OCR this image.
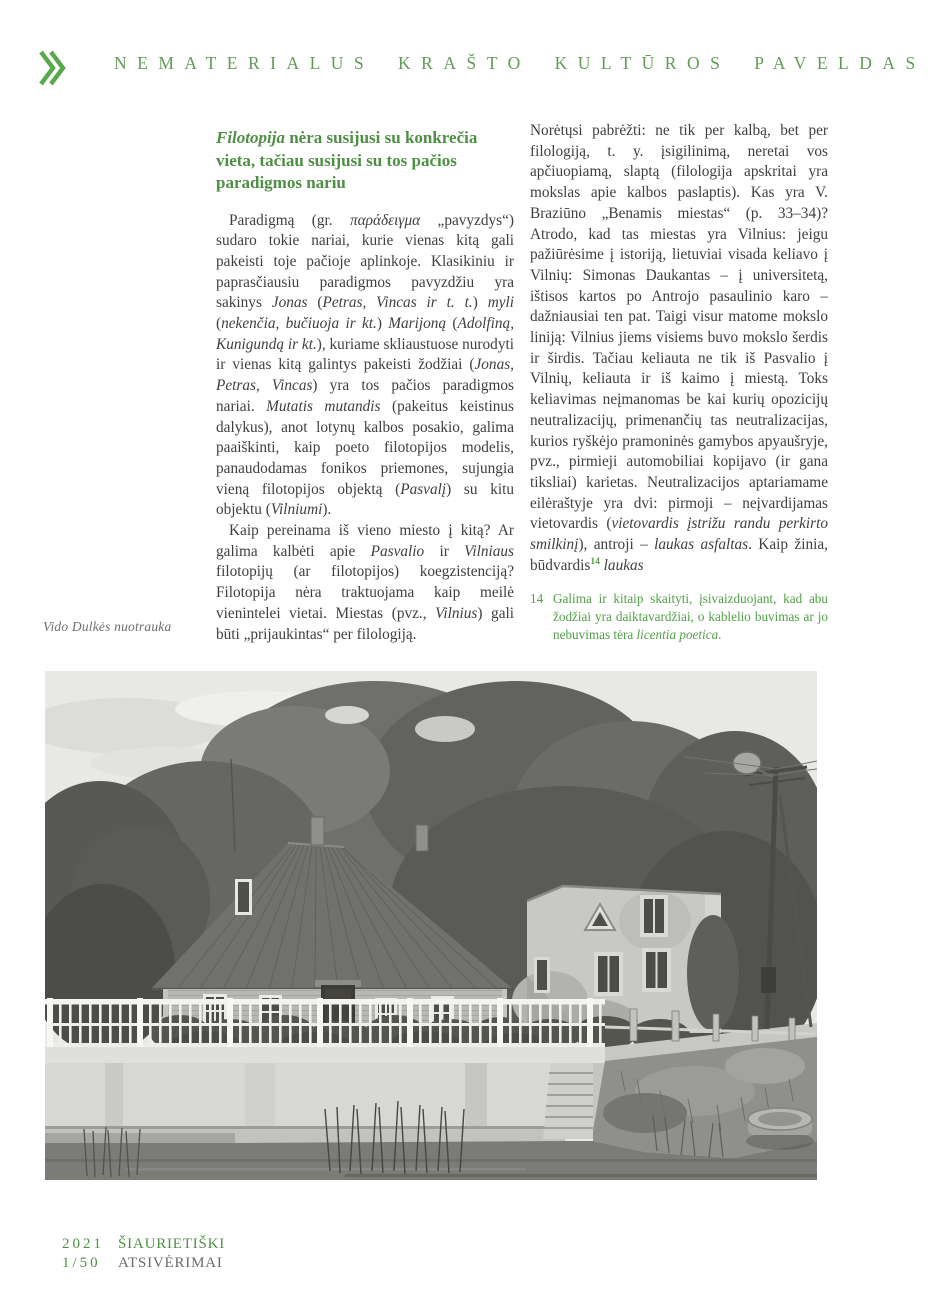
NEMATERIALUS KRAŠTO KULTŪROS PAVELDAS
Filotopija nėra susijusi su konkrečia vieta, tačiau susijusi su tos pačios paradigmos nariu

Paradigmą (gr. παράδειγμα „pavyzdys“) sudaro tokie nariai, kurie vienas kitą gali pakeisti toje pačioje aplinkoje. Klasikiniu ir paprasčiausiu paradigmos pavyzdžiu yra sakinys Jonas (Petras, Vincas ir t. t.) myli (nekenčia, bučiuoja ir kt.) Marijoną (Adolfiną, Kunigundą ir kt.), kuriame skliaustuose nurodyti ir vienas kitą galintys pakeisti žodžiai (Jonas, Petras, Vincas) yra tos pačios paradigmos nariai. Mutatis mutandis (pakeitus keistinus dalykus), anot lotynų kalbos posakio, galima paaiškinti, kaip poeto filotopijos modelis, panaudodamas fonikos priemones, sujungia vieną filotopijos objektą (Pasvalį) su kitu objektu (Vilniumi).

Kaip pereinama iš vieno miesto į kitą? Ar galima kalbėti apie Pasvalio ir Vilniaus filotopijų (ar filotopijos) koegzistenciją? Filotopija nėra traktuojama kaip meilė vienintelei vietai. Miestas (pvz., Vilnius) gali būti „prijaukintas“ per filologiją.

Norėtųsi pabrėžti: ne tik per kalbą, bet per filologiją, t. y. įsigilinimą, neretai vos apčiuopiamą, slaptą (filologija apskritai yra mokslas apie kalbos paslaptis). Kas yra V. Braziūno „Benamis miestas“ (p. 33–34)? Atrodo, kad tas miestas yra Vilnius: jeigu pažiūrėsime į istoriją, lietuviai visada keliavo į Vilnių: Simonas Daukantas – į universitetą, ištisos kartos po Antrojo pasaulinio karo – dažniausiai ten pat. Taigi visur matome mokslo liniją: Vilnius jiems visiems buvo mokslo šerdis ir širdis. Tačiau keliauta ne tik iš Pasvalio į Vilnių, keliauta ir iš kaimo į miestą. Toks keliavimas neįmanomas be kai kurių opozicijų neutralizacijų, primenančių tas neutralizacijas, kurios ryškėjo pramoninės gamybos apyaušryje, pvz., pirmieji automobiliai kopijavo (ir gana tiksliai) karietas. Neutralizacijos aptariamame eilėraštyje yra dvi: pirmoji – neįvardijamas vietovardis (vietovardis įstrižu randu perkirto smilkinį), antroji – laukas asfaltas. Kaip žinia, būdvardis$^{14}$ laukas

14 Galima ir kitaip skaityti, įsivaizduojant, kad abu žodžiai yra daiktavardžiai, o kablelio buvimas ar jo nebuvimas tėra licentia poetica.
Vido Dulkės nuotrauka
2021
1/50
ŠIAURIETIŠKI
ATSIVĖRIMAI
